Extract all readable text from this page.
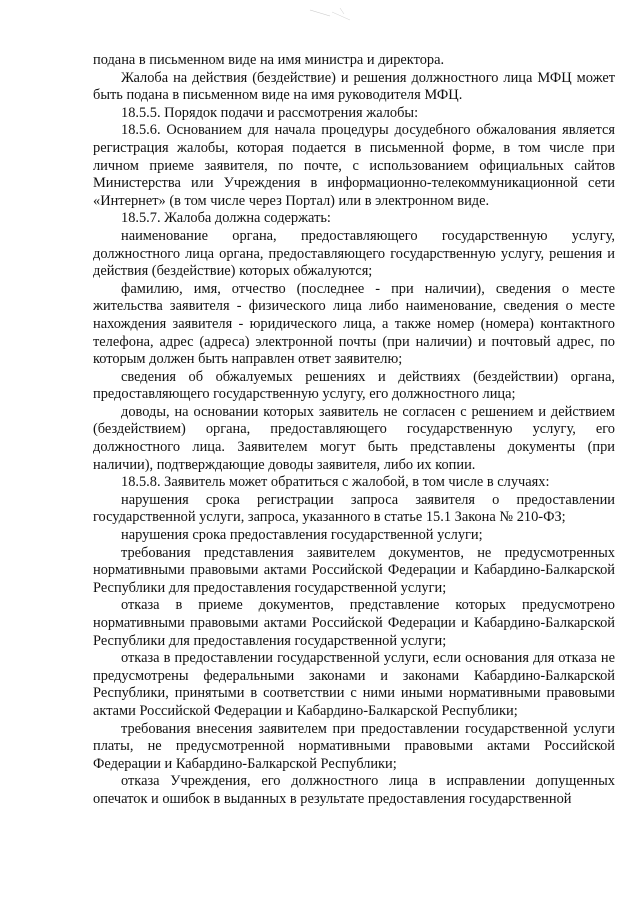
подана в письменном виде на имя министра и директора.

Жалоба на действия (бездействие) и решения должностного лица МФЦ может быть подана в письменном виде на имя руководителя МФЦ.

18.5.5. Порядок подачи и рассмотрения жалобы:

18.5.6. Основанием для начала процедуры досудебного обжалования является регистрация жалобы, которая подается в письменной форме, в том числе при личном приеме заявителя, по почте, с использованием официальных сайтов Министерства или Учреждения в информационно-телекоммуникационной сети «Интернет» (в том числе через Портал) или в электронном виде.

18.5.7. Жалоба должна содержать:

наименование органа, предоставляющего государственную услугу, должностного лица органа, предоставляющего государственную услугу, решения и действия (бездействие) которых обжалуются;

фамилию, имя, отчество (последнее - при наличии), сведения о месте жительства заявителя - физического лица либо наименование, сведения о месте нахождения заявителя - юридического лица, а также номер (номера) контактного телефона, адрес (адреса) электронной почты (при наличии) и почтовый адрес, по которым должен быть направлен ответ заявителю;

сведения об обжалуемых решениях и действиях (бездействии) органа, предоставляющего государственную услугу, его должностного лица;

доводы, на основании которых заявитель не согласен с решением и действием (бездействием) органа, предоставляющего государственную услугу, его должностного лица. Заявителем могут быть представлены документы (при наличии), подтверждающие доводы заявителя, либо их копии.

18.5.8. Заявитель может обратиться с жалобой, в том числе в случаях:

нарушения срока регистрации запроса заявителя о предоставлении государственной услуги, запроса, указанного в статье 15.1 Закона № 210-ФЗ;

нарушения срока предоставления государственной услуги;

требования представления заявителем документов, не предусмотренных нормативными правовыми актами Российской Федерации и Кабардино-Балкарской Республики для предоставления государственной услуги;

отказа в приеме документов, представление которых предусмотрено нормативными правовыми актами Российской Федерации и Кабардино-Балкарской Республики для предоставления государственной услуги;

отказа в предоставлении государственной услуги, если основания для отказа не предусмотрены федеральными законами и законами Кабардино-Балкарской Республики, принятыми в соответствии с ними иными нормативными правовыми актами Российской Федерации и Кабардино-Балкарской Республики;

требования внесения заявителем при предоставлении государственной услуги платы, не предусмотренной нормативными правовыми актами Российской Федерации и Кабардино-Балкарской Республики;

отказа Учреждения, его должностного лица в исправлении допущенных опечаток и ошибок в выданных в результате предоставления государственной
